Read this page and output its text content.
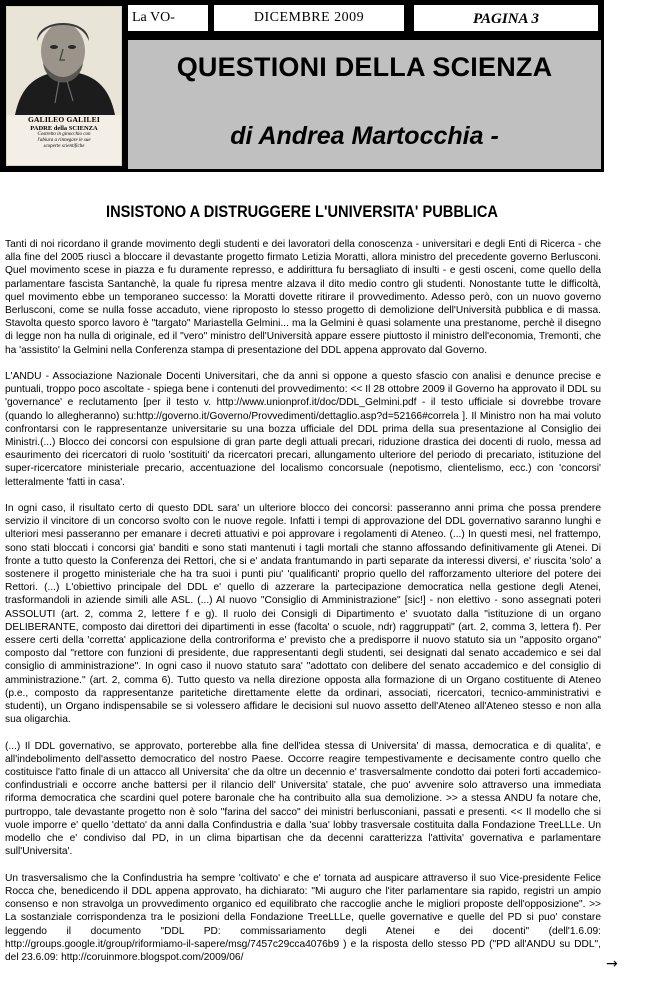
GALILEO GALILEI
PADRE della SCIENZA
Costretto in ginocchio con
l'abiura a rinnegare le sue
scoperte scientifiche
La VO-	DICEMBRE 2009	PAGINA 3
QUESTIONI DELLA SCIENZA
di Andrea Martocchia -
INSISTONO A DISTRUGGERE L'UNIVERSITA' PUBBLICA

Tanti di noi ricordano il grande movimento degli studenti e dei lavoratori della conoscenza - universitari e degli Enti di Ricerca - che alla fine del 2005 riuscì a bloccare il devastante progetto firmato Letizia Moratti, allora ministro del precedente governo Berlusconi. Quel movimento scese in piazza e fu duramente represso, e addirittura fu bersagliato di insulti - e gesti osceni, come quello della parlamentare fascista Santanchè, la quale fu ripresa mentre alzava il dito medio contro gli studenti. Nonostante tutte le difficoltà, quel movimento ebbe un temporaneo successo: la Moratti dovette ritirare il provvedimento. Adesso però, con un nuovo governo Berlusconi, come se nulla fosse accaduto, viene riproposto lo stesso progetto di demolizione dell'Università pubblica e di massa. Stavolta questo sporco lavoro è "targato" Mariastella Gelmini... ma la Gelmini è quasi solamente una prestanome, perchè il disegno di legge non ha nulla di originale, ed il "vero" ministro dell'Università appare essere piuttosto il ministro dell'economia, Tremonti, che ha 'assistito' la Gelmini nella Conferenza stampa di presentazione del DDL appena approvato dal Governo.

L'ANDU - Associazione Nazionale Docenti Universitari, che da anni si oppone a questo sfascio con analisi e denunce precise e puntuali, troppo poco ascoltate - spiega bene i contenuti del provvedimento: << Il 28 ottobre 2009 il Governo ha approvato il DDL su 'governance' e reclutamento [per il testo v. http://www.unionprof.it/doc/DDL_Gelmini.pdf - il testo ufficiale si dovrebbe trovare (quando lo allegheranno) su:http://governo.it/Governo/Provvedimenti/dettaglio.asp?d=52166#correla ]. Il Ministro non ha mai voluto confrontarsi con le rappresentanze universitarie su una bozza ufficiale del DDL prima della sua presentazione al Consiglio dei Ministri.(...) Blocco dei concorsi con espulsione di gran parte degli attuali precari, riduzione drastica dei docenti di ruolo, messa ad esaurimento dei ricercatori di ruolo 'sostituiti' da ricercatori precari, allungamento ulteriore del periodo di precariato, istituzione del super-ricercatore ministeriale precario, accentuazione del localismo concorsuale (nepotismo, clientelismo, ecc.) con 'concorsi' letteralmente 'fatti in casa'.

In ogni caso, il risultato certo di questo DDL sara' un ulteriore blocco dei concorsi: passeranno anni prima che possa prendere servizio il vincitore di un concorso svolto con le nuove regole. Infatti i tempi di approvazione del DDL governativo saranno lunghi e ulteriori mesi passeranno per emanare i decreti attuativi e poi approvare i regolamenti di Ateneo. (...) In questi mesi, nel frattempo, sono stati bloccati i concorsi gia' banditi e sono stati mantenuti i tagli mortali che stanno affossando definitivamente gli Atenei. Di fronte a tutto questo la Conferenza dei Rettori, che si e' andata frantumando in parti separate da interessi diversi, e' riuscita 'solo' a sostenere il progetto ministeriale che ha tra suoi i punti piu' 'qualificanti' proprio quello del rafforzamento ulteriore del potere dei Rettori. (...) L'obiettivo principale del DDL e' quello di azzerare la partecipazione democratica nella gestione degli Atenei, trasformandoli in aziende simili alle ASL. (...) Al nuovo "Consiglio di Amministrazione" [sic!] - non elettivo - sono assegnati poteri ASSOLUTI (art. 2, comma 2, lettere f e g). Il ruolo dei Consigli di Dipartimento e' svuotato dalla "istituzione di un organo DELIBERANTE, composto dai direttori dei dipartimenti in esse (facolta' o scuole, ndr) raggruppati" (art. 2, comma 3, lettera f). Per essere certi della 'corretta' applicazione della controriforma e' previsto che a predisporre il nuovo statuto sia un "apposito organo" composto dal "rettore con funzioni di presidente, due rappresentanti degli studenti, sei designati dal senato accademico e sei dal consiglio di amministrazione". In ogni caso il nuovo statuto sara' "adottato con delibere del senato accademico e del consiglio di amministrazione." (art. 2, comma 6). Tutto questo va nella direzione opposta alla formazione di un Organo costituente di Ateneo (p.e., composto da rappresentanze paritetiche direttamente elette da ordinari, associati, ricercatori, tecnico-amministrativi e studenti), un Organo indispensabile se si volessero affidare le decisioni sul nuovo assetto dell'Ateneo all'Ateneo stesso e non alla sua oligarchia.

(...) Il DDL governativo, se approvato, porterebbe alla fine dell'idea stessa di Universita' di massa, democratica e di qualita', e all'indebolimento dell'assetto democratico del nostro Paese. Occorre reagire tempestivamente e decisamente contro quello che costituisce l'atto finale di un attacco all Universita' che da oltre un decennio e' trasversalmente condotto dai poteri forti accademico-confindustriali e occorre anche battersi per il rilancio dell' Universita' statale, che puo' avvenire solo attraverso una immediata riforma democratica che scardini quel potere baronale che ha contribuito alla sua demolizione. >> a stessa ANDU fa notare che, purtroppo, tale devastante progetto non è solo "farina del sacco" dei ministri berlusconiani, passati e presenti. << Il modello che si vuole imporre e' quello 'dettato' da anni dalla Confindustria e dalla 'sua' lobby trasversale costituita dalla Fondazione TreeLLLe. Un modello che e' condiviso dal PD, in un clima bipartisan che da decenni caratterizza l'attivita' governativa e parlamentare sull'Universita'.

Un trasversalismo che la Confindustria ha sempre 'coltivato' e che e' tornata ad auspicare attraverso il suo Vice-presidente Felice Rocca che, benedicendo il DDL appena approvato, ha dichiarato: "Mi auguro che l'iter parlamentare sia rapido, registri un ampio consenso e non stravolga un provvedimento organico ed equilibrato che raccoglie anche le migliori proposte dell'opposizione". >> La sostanziale corrispondenza tra le posizioni della Fondazione TreeLLLe, quelle governative e quelle del PD si puo' constare leggendo il documento "DDL PD: commissariamento degli Atenei e dei docenti" (dell'1.6.09: http://groups.google.it/group/riformiamo-il-sapere/msg/7457c29cca4076b9 ) e la risposta dello stesso PD ("PD all'ANDU su DDL", del 23.6.09: http://coruinmore.blogspot.com/2009/06/	→
